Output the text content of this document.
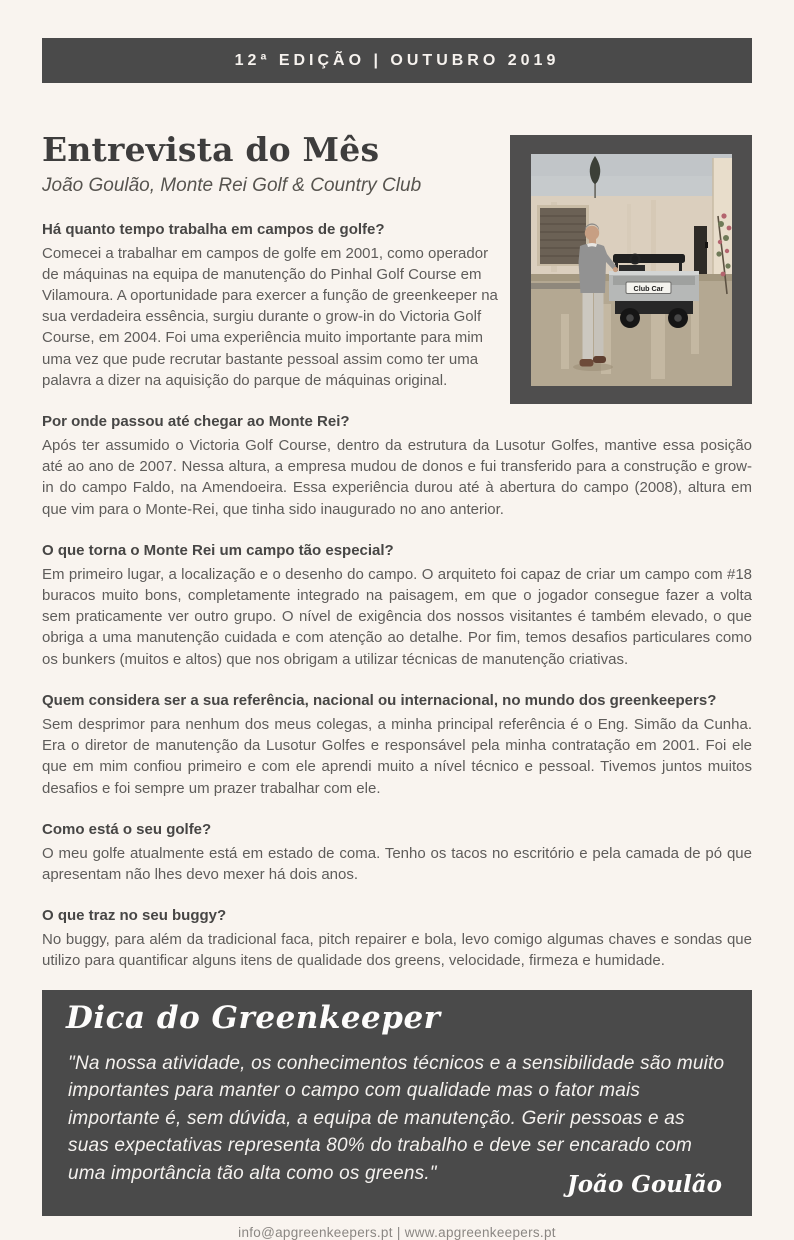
12ª EDIÇÃO | OUTUBRO 2019
Club Car
Entrevista do Mês

João Goulão, Monte Rei Golf & Country Club

Há quanto tempo trabalha em campos de golfe?

Comecei a trabalhar em campos de golfe em 2001, como operador de máquinas na equipa de manutenção do Pinhal Golf Course em Vilamoura. A oportunidade para exercer a função de greenkeeper na sua verdadeira essência, surgiu durante o grow-in do Victoria Golf Course, em 2004. Foi uma experiência muito importante para mim uma vez que pude recrutar bastante pessoal assim como ter uma palavra a dizer na aquisição do parque de máquinas original.

Por onde passou até chegar ao Monte Rei?

Após ter assumido o Victoria Golf Course, dentro da estrutura da Lusotur Golfes, mantive essa posição até ao ano de 2007. Nessa altura, a empresa mudou de donos e fui transferido para a construção e grow-in do campo Faldo, na Amendoeira. Essa experiência durou até à abertura do campo (2008), altura em que vim para o Monte-Rei, que tinha sido inaugurado no ano anterior.

O que torna o Monte Rei um campo tão especial?

Em primeiro lugar, a localização e o desenho do campo. O arquiteto foi capaz de criar um campo com #18 buracos muito bons, completamente integrado na paisagem, em que o jogador consegue fazer a volta sem praticamente ver outro grupo. O nível de exigência dos nossos visitantes é também elevado, o que obriga a uma manutenção cuidada e com atenção ao detalhe. Por fim, temos desafios particulares como os bunkers (muitos e altos) que nos obrigam a utilizar técnicas de manutenção criativas.

Quem considera ser a sua referência, nacional ou internacional, no mundo dos greenkeepers?

Sem desprimor para nenhum dos meus colegas, a minha principal referência é o Eng. Simão da Cunha. Era o diretor de manutenção da Lusotur Golfes e responsável pela minha contratação em 2001. Foi ele que em mim confiou primeiro e com ele aprendi muito a nível técnico e pessoal. Tivemos juntos muitos desafios e foi sempre um prazer trabalhar com ele.

Como está o seu golfe?

O meu golfe atualmente está em estado de coma. Tenho os tacos no escritório e pela camada de pó que apresentam não lhes devo mexer há dois anos.

O que traz no seu buggy?

No buggy, para além da tradicional faca, pitch repairer e bola, levo comigo algumas chaves e sondas que utilizo para quantificar alguns itens de qualidade dos greens, velocidade, firmeza e humidade.

Dica do Greenkeeper
"Na nossa atividade, os conhecimentos técnicos e a sensibilidade são muito importantes para manter o campo com qualidade mas o fator mais importante é, sem dúvida, a equipa de manutenção. Gerir pessoas e as suas expectativas representa 80% do trabalho e deve ser encarado com uma importância tão alta como os greens."	João Goulão
info@apgreenkeepers.pt | www.apgreenkeepers.pt
